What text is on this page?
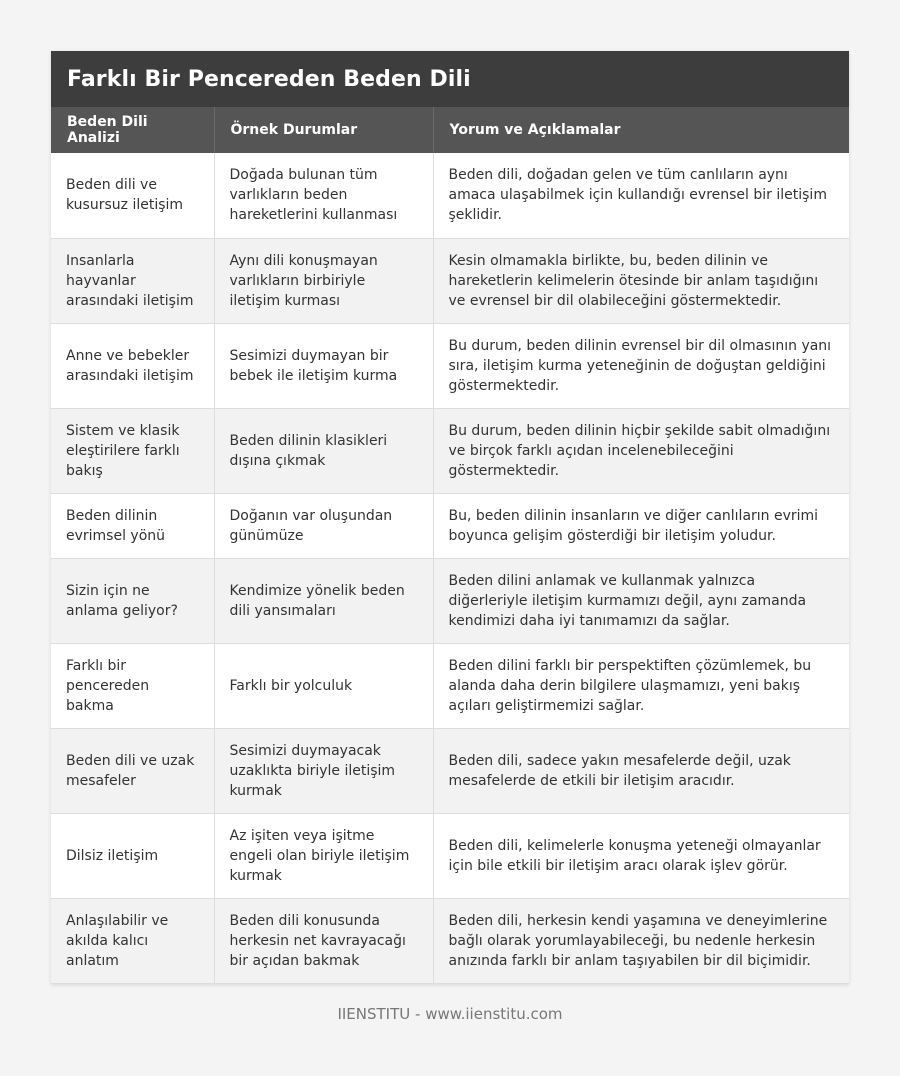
Farklı Bir Pencereden Beden Dili
Beden Dili Analizi	Örnek Durumlar	Yorum ve Açıklamalar
Beden dili ve kusursuz iletişim	Doğada bulunan tüm varlıkların beden hareketlerini kullanması	Beden dili, doğadan gelen ve tüm canlıların aynı amaca ulaşabilmek için kullandığı evrensel bir iletişim şeklidir.
Insanlarla hayvanlar arasındaki iletişim	Aynı dili konuşmayan varlıkların birbiriyle iletişim kurması	Kesin olmamakla birlikte, bu, beden dilinin ve hareketlerin kelimelerin ötesinde bir anlam taşıdığını ve evrensel bir dil olabileceğini göstermektedir.
Anne ve bebekler arasındaki iletişim	Sesimizi duymayan bir bebek ile iletişim kurma	Bu durum, beden dilinin evrensel bir dil olmasının yanı sıra, iletişim kurma yeteneğinin de doğuştan geldiğini göstermektedir.
Sistem ve klasik eleştirilere farklı bakış	Beden dilinin klasikleri dışına çıkmak	Bu durum, beden dilinin hiçbir şekilde sabit olmadığını ve birçok farklı açıdan incelenebileceğini göstermektedir.
Beden dilinin evrimsel yönü	Doğanın var oluşundan günümüze	Bu, beden dilinin insanların ve diğer canlıların evrimi boyunca gelişim gösterdiği bir iletişim yoludur.
Sizin için ne anlama geliyor?	Kendimize yönelik beden dili yansımaları	Beden dilini anlamak ve kullanmak yalnızca diğerleriyle iletişim kurmamızı değil, aynı zamanda kendimizi daha iyi tanımamızı da sağlar.
Farklı bir pencereden bakma	Farklı bir yolculuk	Beden dilini farklı bir perspektiften çözümlemek, bu alanda daha derin bilgilere ulaşmamızı, yeni bakış açıları geliştirmemizi sağlar.
Beden dili ve uzak mesafeler	Sesimizi duymayacak uzaklıkta biriyle iletişim kurmak	Beden dili, sadece yakın mesafelerde değil, uzak mesafelerde de etkili bir iletişim aracıdır.
Dilsiz iletişim	Az işiten veya işitme engeli olan biriyle iletişim kurmak	Beden dili, kelimelerle konuşma yeteneği olmayanlar için bile etkili bir iletişim aracı olarak işlev görür.
Anlaşılabilir ve akılda kalıcı anlatım	Beden dili konusunda herkesin net kavrayacağı bir açıdan bakmak	Beden dili, herkesin kendi yaşamına ve deneyimlerine bağlı olarak yorumlayabileceği, bu nedenle herkesin anızında farklı bir anlam taşıyabilen bir dil biçimidir.
IIENSTITU - www.iienstitu.com
